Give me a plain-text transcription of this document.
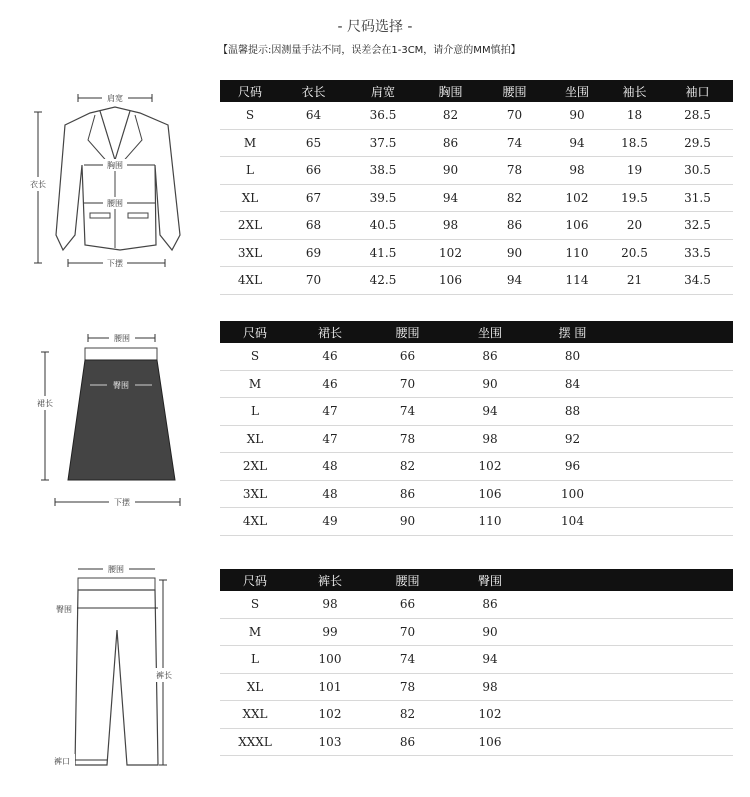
- 尺码选择 -
【温馨提示:因测量手法不同，误差会在1-3CM，请介意的MM慎拍】
肩宽
衣长
胸围
腰围
下摆
腰围
裙长
臀围
下摆
腰围
臀围
裤长
裤口
尺码	衣长	肩宽	胸围	腰围	坐围	袖长	袖口
S	64	36.5	82	70	90	18	28.5
M	65	37.5	86	74	94	18.5	29.5
L	66	38.5	90	78	98	19	30.5
XL	67	39.5	94	82	102	19.5	31.5
2XL	68	40.5	98	86	106	20	32.5
3XL	69	41.5	102	90	110	20.5	33.5
4XL	70	42.5	106	94	114	21	34.5
尺码	裙长	腰围	坐围	摆 围	
S	46	66	86	80	
M	46	70	90	84	
L	47	74	94	88	
XL	47	78	98	92	
2XL	48	82	102	96	
3XL	48	86	106	100	
4XL	49	90	110	104	
尺码	裤长	腰围	臀围	
S	98	66	86	
M	99	70	90	
L	100	74	94	
XL	101	78	98	
XXL	102	82	102	
XXXL	103	86	106	
